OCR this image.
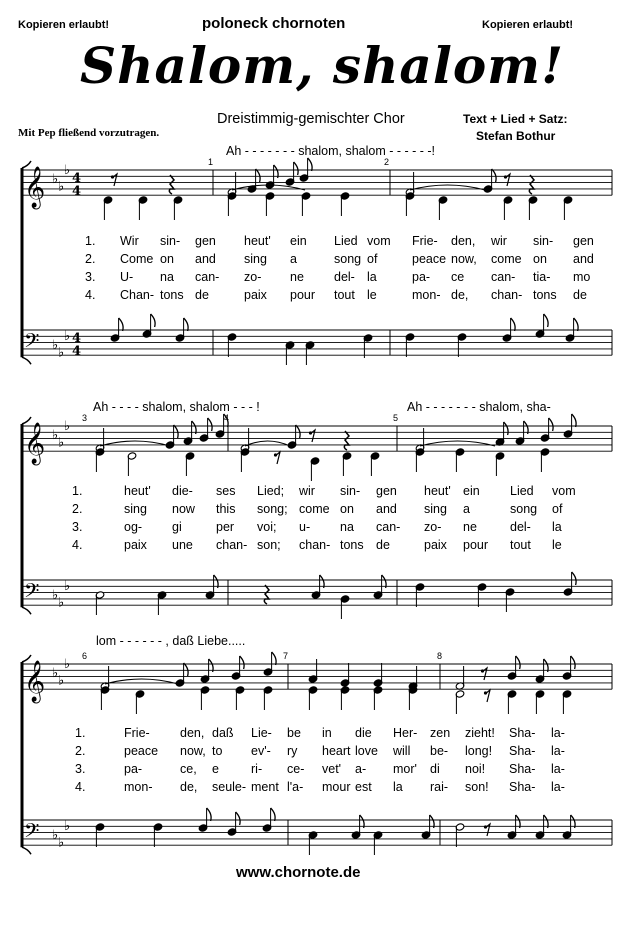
Kopieren erlaubt!	poloneck chornoten	Kopieren erlaubt!
Shalom, shalom!
Dreistimmig-gemischter Chor	Text + Lied + Satz:
Stefan Bothur
Mit Pep fließend vorzutragen.
Ah - - - - - - - shalom, shalom - - - - - -!
Ah - - - - shalom, shalom - - - !	Ah - - - - - - - shalom, sha-
lom - - - - - - , daß Liebe.....
1	2
3	4	5
6	7	8
1. Wir sin- gen heut' ein Lied vom Frie- den, wir sin- gen
2. Come on and sing a	song of	peace now, come on and
3. U- na can- zo- ne del- la	pa- ce can- tia- mo
4. Chan- tons de	paix pour tout le	mon- de, chan- tons de
1.	heut' die- ses Lied; wir sin- gen heut' ein Lied vom
2.	sing now this song; come on and sing a	song of
3.	og- gi	per voi; u- na can- zo- ne	del- la
4.	paix une chan- son; chan- tons de	paix pour tout le
1.	Frie- den, daß Lie- be in die Her- zen zieht! Sha- la-
2.	peace now, to ev'- ry heart love will be- long! Sha- la-
3.	pa-	ce, e	ri- ce- vet' a- mor' di noi! Sha- la-
4.	mon- de, seule- ment l'a- mour est la rai- son! Sha- la-
www.chornote.de
𝄞
𝄢
♭
♭
♭
♭
♭
♭
4
4
4
4
𝄞
𝄢
♭
♭
♭
♭
♭
♭
𝄞
𝄢
♭
♭
♭
♭
♭
♭
